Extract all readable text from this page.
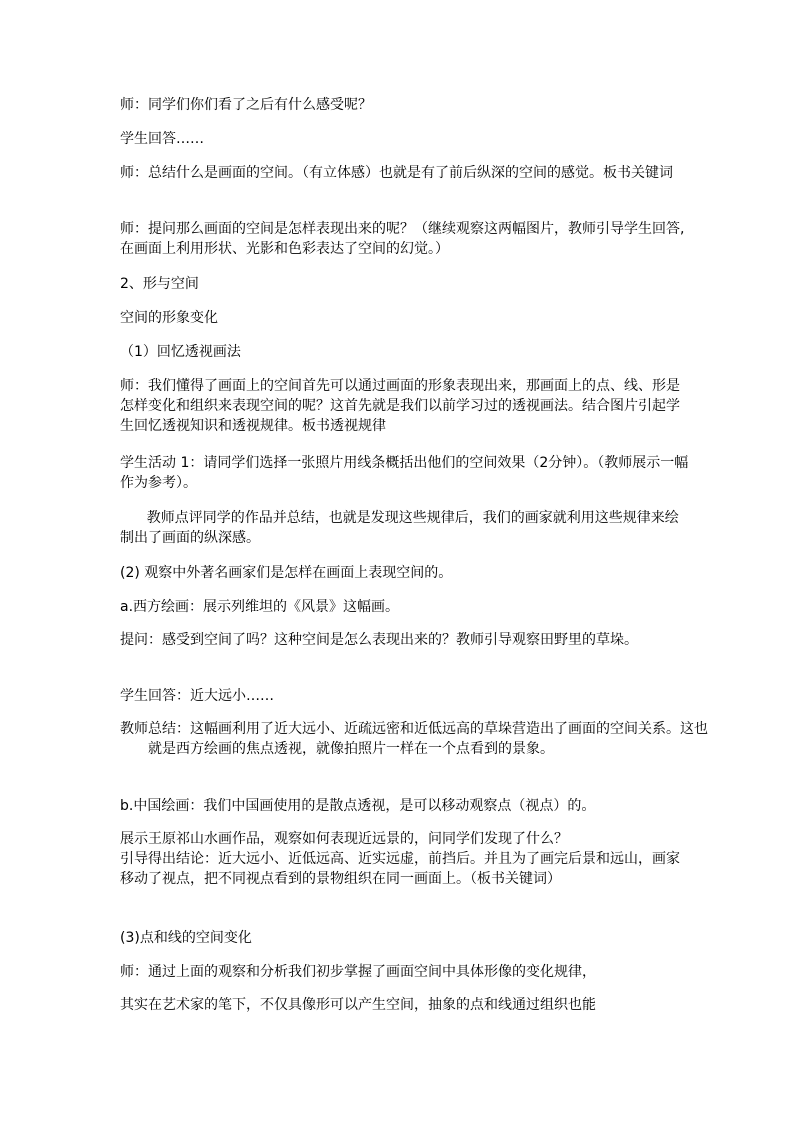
师：同学们你们看了之后有什么感受呢？

学生回答……

师：总结什么是画面的空间。（有立体感）也就是有了前后纵深的空间的感觉。板书关键词

师：提问那么画面的空间是怎样表现出来的呢？（继续观察这两幅图片，教师引导学生回答,在画面上利用形状、光影和色彩表达了空间的幻觉。）

2、形与空间

空间的形象变化

（1）回忆透视画法

师：我们懂得了画面上的空间首先可以通过画面的形象表现出来，那画面上的点、线、形是怎样变化和组织来表现空间的呢？这首先就是我们以前学习过的透视画法。结合图片引起学生回忆透视知识和透视规律。板书透视规律

学生活动 1：请同学们选择一张照片用线条概括出他们的空间效果（2分钟）。（教师展示一幅作为参考）。

教师点评同学的作品并总结，也就是发现这些规律后，我们的画家就利用这些规律来绘制出了画面的纵深感。

(2) 观察中外著名画家们是怎样在画面上表现空间的。

a.西方绘画：展示列维坦的《风景》这幅画。

提问：感受到空间了吗？这种空间是怎么表现出来的？教师引导观察田野里的草垛。

学生回答：近大远小……

教师总结：这幅画利用了近大远小、近疏远密和近低远高的草垛营造出了画面的空间关系。这也就是西方绘画的焦点透视，就像拍照片一样在一个点看到的景象。

b.中国绘画：我们中国画使用的是散点透视，是可以移动观察点（视点）的。

展示王原祁山水画作品，观察如何表现近远景的，问同学们发现了什么？
引导得出结论：近大远小、近低远高、近实远虚，前挡后。并且为了画完后景和远山，画家移动了视点，把不同视点看到的景物组织在同一画面上。（板书关键词）

(3)点和线的空间变化

师：通过上面的观察和分析我们初步掌握了画面空间中具体形像的变化规律，

其实在艺术家的笔下，不仅具像形可以产生空间，抽象的点和线通过组织也能
